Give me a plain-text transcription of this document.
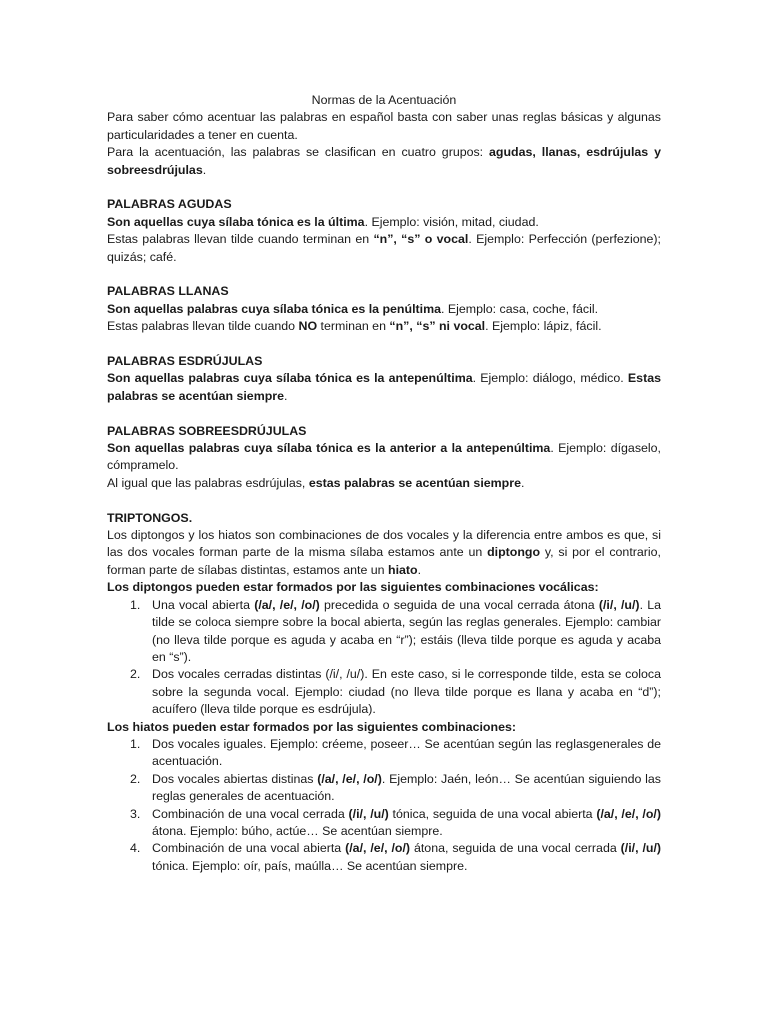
Normas de la Acentuación

Para saber cómo acentuar las palabras en español basta con saber unas reglas básicas y algunas particularidades a tener en cuenta.

Para la acentuación, las palabras se clasifican en cuatro grupos: agudas, llanas, esdrújulas y sobreesdrújulas.

PALABRAS AGUDAS

Son aquellas cuya sílaba tónica es la última. Ejemplo: visión, mitad, ciudad.

Estas palabras llevan tilde cuando terminan en “n”, “s” o vocal. Ejemplo: Perfección (perfezione); quizás; café.

PALABRAS LLANAS

Son aquellas palabras cuya sílaba tónica es la penúltima. Ejemplo: casa, coche, fácil.

Estas palabras llevan tilde cuando NO terminan en “n”, “s” ni vocal. Ejemplo: lápiz, fácil.

PALABRAS ESDRÚJULAS

Son aquellas palabras cuya sílaba tónica es la antepenúltima. Ejemplo: diálogo, médico. Estas palabras se acentúan siempre.

PALABRAS SOBREESDRÚJULAS

Son aquellas palabras cuya sílaba tónica es la anterior a la antepenúltima. Ejemplo: dígaselo, cómpramelo.

Al igual que las palabras esdrújulas, estas palabras se acentúan siempre.

TRIPTONGOS.

Los diptongos y los hiatos son combinaciones de dos vocales y la diferencia entre ambos es que, si las dos vocales forman parte de la misma sílaba estamos ante un diptongo y, si por el contrario, forman parte de sílabas distintas, estamos ante un hiato.

Los diptongos pueden estar formados por las siguientes combinaciones vocálicas:

1. Una vocal abierta (/a/, /e/, /o/) precedida o seguida de una vocal cerrada átona (/i/, /u/). La tilde se coloca siempre sobre la bocal abierta, según las reglas generales. Ejemplo: cambiar (no lleva tilde porque es aguda y acaba en “r”); estáis (lleva tilde porque es aguda y acaba en “s”).
2. Dos vocales cerradas distintas (/i/, /u/). En este caso, si le corresponde tilde, esta se coloca sobre la segunda vocal. Ejemplo: ciudad (no lleva tilde porque es llana y acaba en “d”); acuífero (lleva tilde porque es esdrújula).

Los hiatos pueden estar formados por las siguientes combinaciones:

1. Dos vocales iguales. Ejemplo: créeme, poseer… Se acentúan según las reglasgenerales de acentuación.
2. Dos vocales abiertas distinas (/a/, /e/, /o/). Ejemplo: Jaén, león… Se acentúan siguiendo las reglas generales de acentuación.
3. Combinación de una vocal cerrada (/i/, /u/) tónica, seguida de una vocal abierta (/a/, /e/, /o/) átona. Ejemplo: búho, actúe… Se acentúan siempre.
4. Combinación de una vocal abierta (/a/, /e/, /o/) átona, seguida de una vocal cerrada (/i/, /u/) tónica. Ejemplo: oír, país, maúlla… Se acentúan siempre.
